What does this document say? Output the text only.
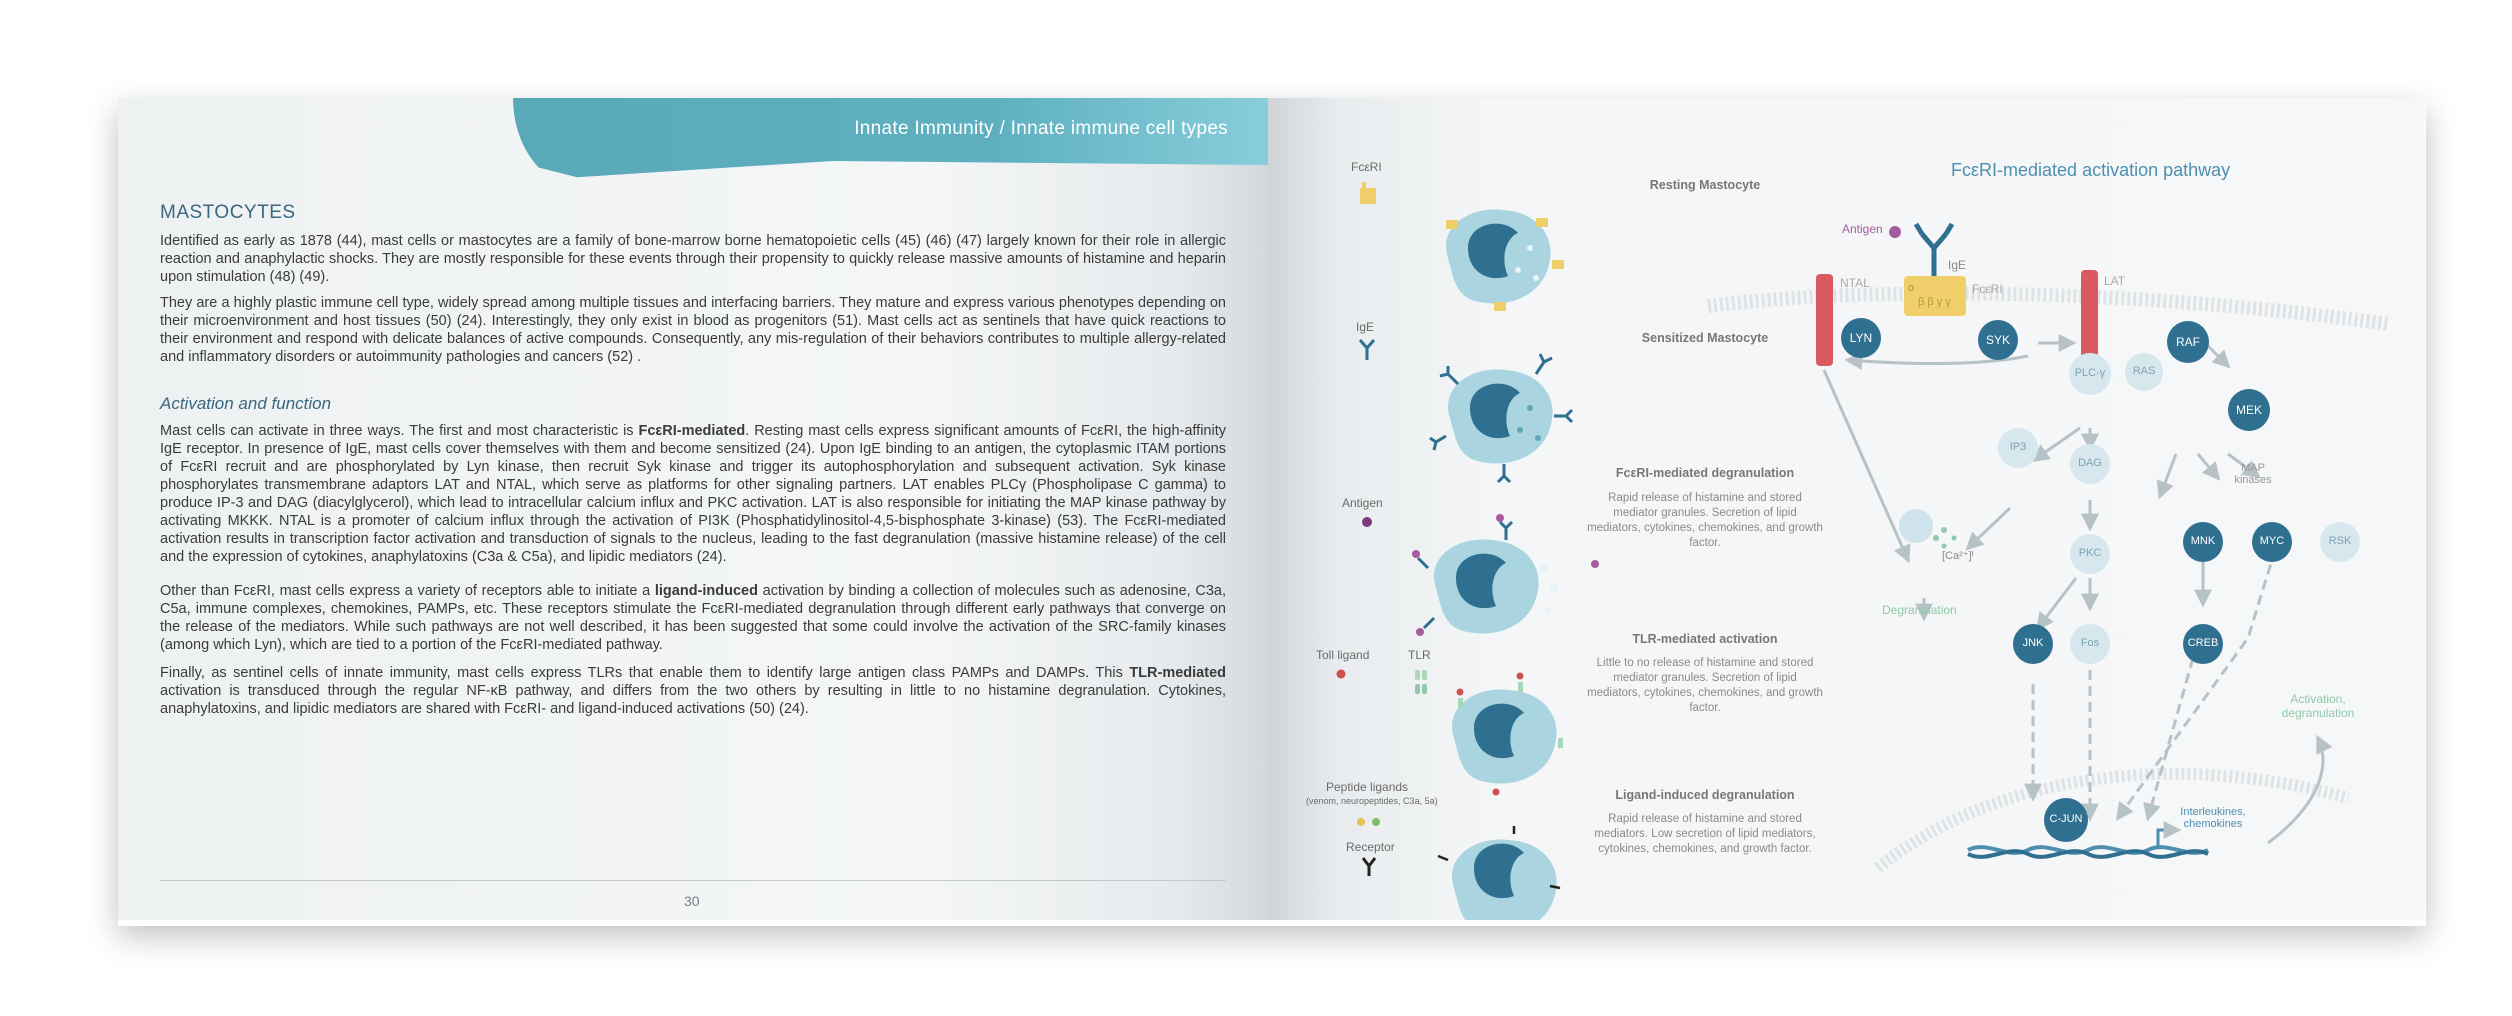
Innate Immunity / Innate immune cell types
MASTOCYTES

Identified as early as 1878 (44), mast cells or mastocytes are a family of bone-marrow borne hematopoietic cells (45) (46) (47) largely known for their role in allergic reaction and anaphylactic shocks. They are mostly responsible for these events through their propensity to quickly release massive amounts of histamine and heparin upon stimulation (48) (49).

They are a highly plastic immune cell type, widely spread among multiple tissues and interfacing barriers. They mature and express various phenotypes depending on their microenvironment and host tissues (50) (24). Interestingly, they only exist in blood as progenitors (51). Mast cells act as sentinels that have quick reactions to their environment and respond with delicate balances of active compounds. Consequently, any mis-regulation of their behaviors contributes to multiple allergy-related and inflammatory disorders or autoimmunity pathologies and cancers (52) .

Activation and function

Mast cells can activate in three ways. The first and most characteristic is FcεRI-mediated. Resting mast cells express significant amounts of FcεRI, the high-affinity IgE receptor. In presence of IgE, mast cells cover themselves with them and become sensitized (24). Upon IgE binding to an antigen, the cytoplasmic ITAM portions of FcεRI recruit and are phosphorylated by Lyn kinase, then recruit Syk kinase and trigger its autophosphorylation and subsequent activation. Syk kinase phosphorylates transmembrane adaptors LAT and NTAL, which serve as platforms for other signaling partners. LAT enables PLCγ (Phospholipase C gamma) to produce IP-3 and DAG (diacylglycerol), which lead to intracellular calcium influx and PKC activation. LAT is also responsible for initiating the MAP kinase pathway by activating MKKK. NTAL is a promoter of calcium influx through the activation of PI3K (Phosphatidylinositol-4,5-bisphosphate 3-kinase) (53). The FcεRI-mediated activation results in transcription factor activation and transduction of signals to the nucleus, leading to the fast degranulation (massive histamine release) of the cell and the expression of cytokines, anaphylatoxins (C3a & C5a), and lipidic mediators (24).

Other than FcεRI, mast cells express a variety of receptors able to initiate a ligand-induced activation by binding a collection of molecules such as adenosine, C3a, C5a, immune complexes, chemokines, PAMPs, etc. These receptors stimulate the FcεRI-mediated degranulation through different early pathways that converge on the release of the mediators. While such pathways are not well described, it has been suggested that some could involve the activation of the SRC-family kinases (among which Lyn), which are tied to a portion of the FcεRI-mediated pathway.

Finally, as sentinel cells of innate immunity, mast cells express TLRs that enable them to identify large antigen class PAMPs and DAMPs. This TLR-mediated activation is transduced through the regular NF-κB pathway, and differs from the two others by resulting in little to no histamine degranulation. Cytokines, anaphylatoxins, and lipidic mediators are shared with FcεRI- and ligand-induced activations (50) (24).

30
FcεRI
IgE
Antigen
Toll ligand	TLR
Peptide ligands
(venom, neuropeptides, C3a, 5a)
Receptor
Resting Mastocyte
Sensitized Mastocyte
FcεRI-mediated degranulation
Rapid release of histamine and stored mediator granules. Secretion of lipid mediators, cytokines, chemokines, and growth factor.
TLR-mediated activation
Little to no release of histamine and stored mediator granules. Secretion of lipid mediators, cytokines, chemokines, and growth factor.
Ligand-induced degranulation
Rapid release of histamine and stored mediators. Low secretion of lipid mediators, cytokines, chemokines, and growth factor.
FcεRI-mediated activation pathway
Antigen
IgE
FcεRI
NTAL	LAT
α
β β γ γ
LYN	SYK
PLC-γ
IP3
DAG
PKC
[Ca²⁺]ᴵ
Degranulation
RAF
RAS
MEK
MAP kinases
MNK	MYC	RSK
JNK	Fos	CREB
C-JUN
Interleukines, chemokines
Activation, degranulation
